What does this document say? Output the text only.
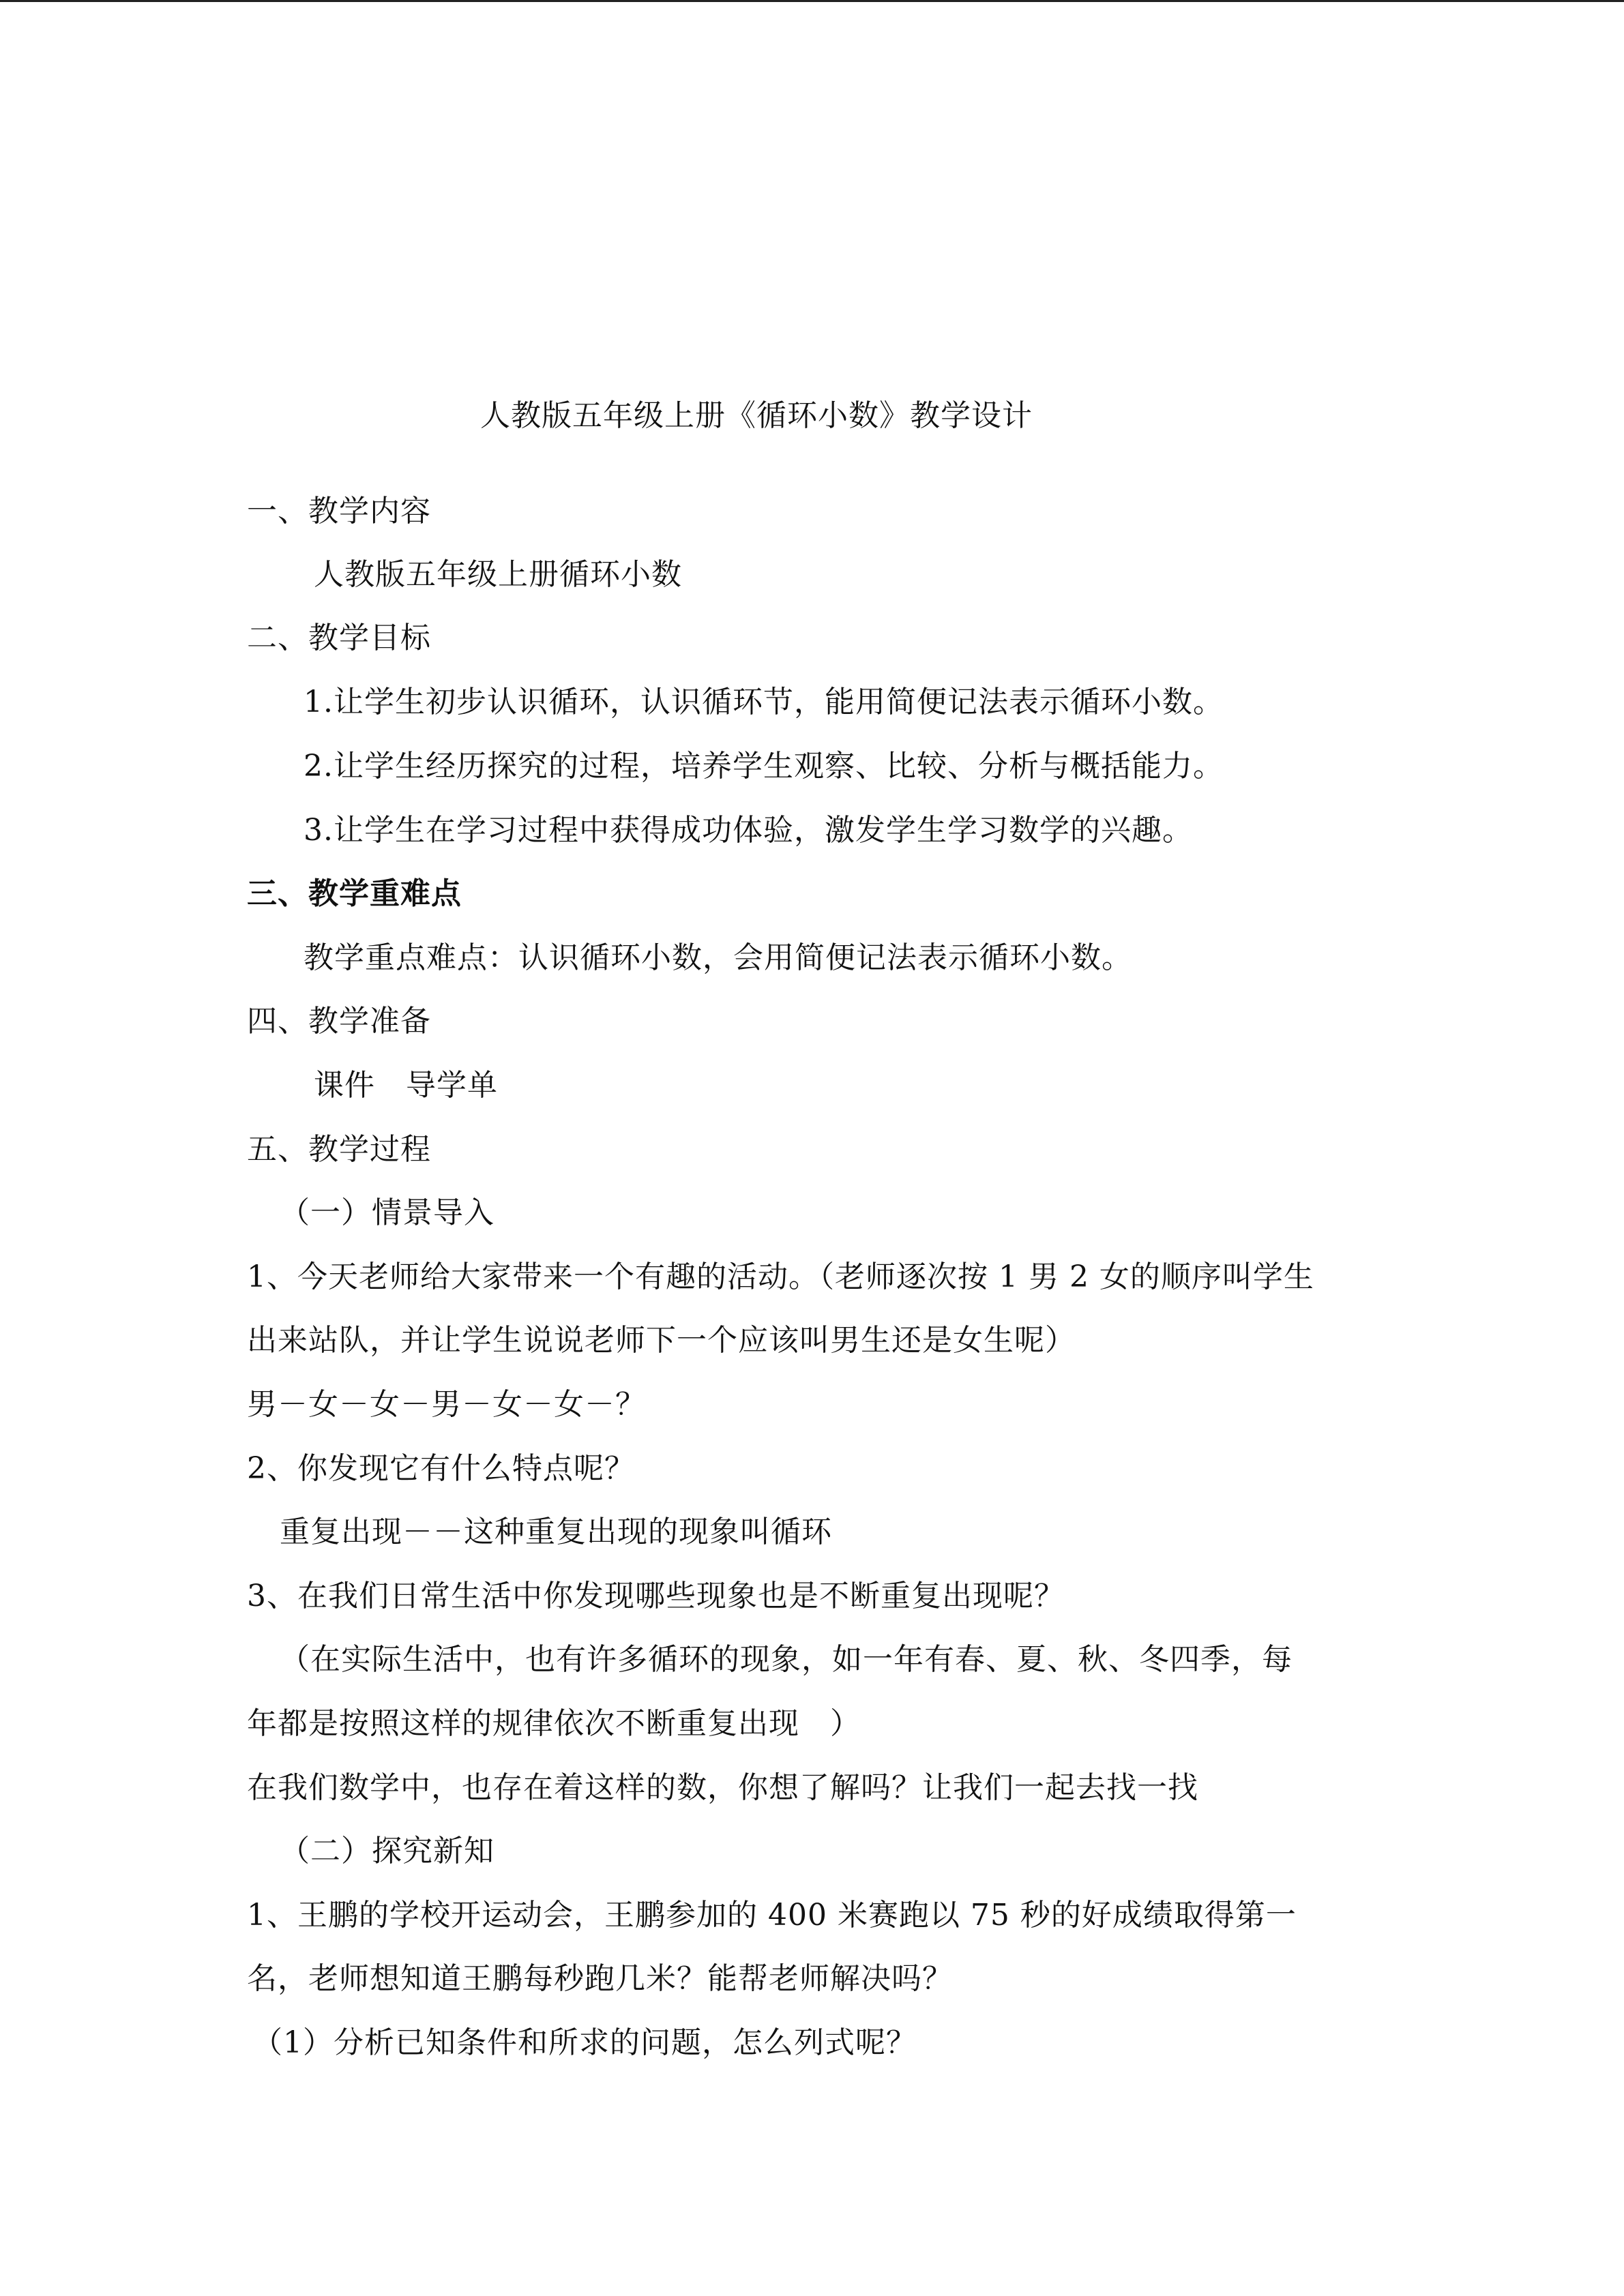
人教版五年级上册《循环小数》教学设计
一、教学内容
人教版五年级上册循环小数
二、教学目标
1.让学生初步认识循环，认识循环节，能用简便记法表示循环小数。
2.让学生经历探究的过程，培养学生观察、比较、分析与概括能力。
3.让学生在学习过程中获得成功体验，激发学生学习数学的兴趣。
三、教学重难点
教学重点难点：认识循环小数，会用简便记法表示循环小数。
四、教学准备
课件　导学单
五、教学过程
（一）情景导入
1、今天老师给大家带来一个有趣的活动。（老师逐次按 1 男 2 女的顺序叫学生
出来站队，并让学生说说老师下一个应该叫男生还是女生呢）
男－女－女－男－女－女－？
2、你发现它有什么特点呢？
重复出现－－这种重复出现的现象叫循环
3、在我们日常生活中你发现哪些现象也是不断重复出现呢？
（在实际生活中，也有许多循环的现象，如一年有春、夏、秋、冬四季，每
年都是按照这样的规律依次不断重复出现　）
在我们数学中，也存在着这样的数，你想了解吗？让我们一起去找一找
（二）探究新知
1、王鹏的学校开运动会，王鹏参加的 400 米赛跑以 75 秒的好成绩取得第一
名，老师想知道王鹏每秒跑几米？能帮老师解决吗？
（1）分析已知条件和所求的问题，怎么列式呢？
